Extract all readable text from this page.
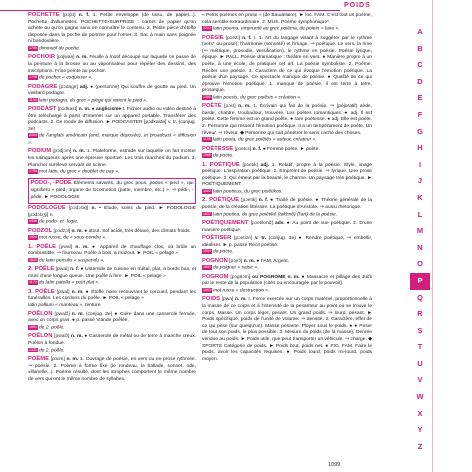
POIDS
POCHETTE [pɔʃɛt] n. f. 1. Petite enveloppe (de tissu, de papier...). Pochette d'allumettes. POCHETTE-SURPRISE : cornet de papier qu'on achète ou qu'on gagne sans en connaître le contenu. 2. Petite pièce d'étoffe disposée dans la poche de poitrine pour l'orner. 3. Sac à main sans poignée ni bandoulière.
1785 diminutif de poche.
POCHOIR [pɔʃwaʀ] n. m. Feuille à motif découpé sur laquelle on passe de la peinture à la brosse ou au vaporisateur pour répéter des dessins, des inscriptions. Frise peinte au pochoir.
1798 de pocher « esquisser ».
PODAGRE [pɔdagʀ] adj. ● (personne) Qui souffre de goutte au pied. Un vieillard podagre.
1190 latin podagra, du grec « piège qui retient le pied ».
PODCAST [pɔdkast] n. m. ● anglicisme t. Fichier audio ou vidéo destiné à être téléchargé à partir d'Internet sur un appareil portable. Transférer des podcasts. 2. Ce mode de diffusion. ► PODCASTER [pɔdkaste] v. tr. (conjug. 3e)
2004 de l'anglais américain (and, marque déposée), et broadcast « diffusion ».
PODIUM [pɔdjɔm] n. m. 1. Plateforme, estrade sur laquelle on fait monter les vainqueurs après une épreuve sportive. Les trois marches du podium. 2. Plancher surélevé servant de scène.
1756 mot latin, du grec « doublet de pay ».
PODO-, -PODE Éléments savants, du grec pous, podos « pied », qui signifient « pied, organe de locomotion (patte, membre, etc.) ». ⇒ pédi-, -pède. ► PODOLOGIE
PODOLOGUE [pɔdɔlɔg] n. • Étude, soins du pied. ► PODOLOGIE [pɔdɔlɔʒi] n.
1936 de podo- et -logie.
PODZOL [pɔdzɔl] n. m. ● atout. Sol acide, très délavé, des climats froids.
1924 mot russe, de « sous-cendre ».
1. POÊLE [pwal] n. m. ● Appareil de chauffage clos, où brûle un combustible. ⇒ fourneau. Poêle à bois, à mazout. ► POIL « pelage »
1640 du latin pensilis « suspendu ».
2. POÊLE [pwal] n. f. ● Ustensile de cuisine en métal, plat, à bords bas, et muni d'une longue queue. Une poêle à frire. ► POIL « pelage »
1170 du latin patella « petit plat ».
3. POÊLE [pwal] n. m. ● Étoffe noire recouvrant le cercueil, pendant les funérailles. Les cordons du poêle. ► POIL « pelage »
latin pallium « manteau », tenture.
POÊLON [pwalɔ̃] n. m. (conjug. 3e) ● Cuire dans une casserole fermée, avec un corps gras. ● p. passé Viande poêlée.
1691 de 2. poêle.
POÊLON [pwalɔ̃] n. m. ● Casserole de métal ou de terre à manche creux. Poêlon à fondue.
1332 de 2. poêle.
POÈME [pɔɛm] n. m. 1. Ouvrage de poésie, en vers ou en prose rythmée. ⇒ poésie. 2. Poème à forme fixe (le rondeau, la ballade, sonnet, ode, villanelle...). Poème résulté, dont les strophes comportent le même nombre de vers qui ont le même nombre de syllabes.
« Petits poèmes en prose » (de Baudelaire). ► loc. FAM. C'est tout un poème, cela semble extraordinaire. 2. MUS. Poème symphonique*.
1213 latin poema, emprunté au grec poiêma, de poiein « faire ».
POÉSIE [pɔezi] n. f. I. 1. Art du langage visant à suggérer par le rythme (vers* ou prose), l'harmonie (sonorité) et l'image. ⇒ poétique. Le vers, la rime (⇒ métrique, prosodie, versification), le rythme en poésie. Poésie lyrique, épique. ► PALL. Poésie dramatique : théâtre en vers. ● Manière propre à un poète, à une école, de pratiquer cet art. La poésie symboliste. 2. Poème. Réciter une poésie. 3. Caractère de ce qui évoque l'émotion poétique. La poésie d'un paysage. Ce spectacle manque de poésie. ● Qualité de ce qui éprouve l'émotion poétique. 1. manque de poésie, il est terre à terre, prosaïque.
1350 latin poesis, du grec poiêsis « création ».
POÈTE [pɔɛt] n. m. 1. Écrivain qui fait de la poésie. ⇒ (péjoratif) aède, barde, chantre, troubadour, trouvère. Les poètes romantiques. ● adj. Il est poète. Cette femme est un grand poète, ● rare poétesse. ● adj. Elle est poète. 2. Personne qui ressent l'émotion poétique. Il a un tempérament de poète. Un rêveur. ⇒ rêveur. ◆ Personne qui sait pénétrer le sens caché des choses.
1155 latin poeta, du grec poiêtês « auteur, créateur ».
POÉTESSE [pɔetɛs] n. f. ● Femme poète. ► poète.
1566 de poète.
1. POÉTIQUE [pɔetik] adj. 1. Relatif, propre à la poésie. Style, image poétique. L'inspiration poétique. 2. Empreint de poésie. ⇒ lyrique. Une prose poétique. 3. Qui émeut par la beauté, le charme. Un paysage très poétique. ► POÉTIQUEMENT
1402 latin poeticus, du grec poiêtikos.
2. POÉTIQUE [pɔetik] n. f. ● Traité de poésie. ● Théorie générale de la poésie, de la création littéraire. La poétique d'Aristote. ⇒ aussi rhétorique.
1637 latin poetica, du grec poiêtikê (tekhnê) (l'art) de la poésie.
POÉTIQUEMENT [pɔetikmɑ̃] adv. ● Au point de vue poétique. 2. D'une manière poétique.
POÉTISER [pɔetize] v. tr. (conjug. 3e) ● Rendre poétique, ⇒ embellir, idéaliser. ► p. passé Récit poétisé.
1554 de poète.
POGNON [pɔɲɔ̃] n. m. ● FAM. Argent.
1881 de poigner « saisir ».
POGROM [pɔgʀɔm] ou POGROME n. m. ● Massacre et pillage des Juifs par le reste de la population (cités ou encouragée par le pouvoir).
1903 mot russe « destruction ».
POIDS [pwa] n. m. I. Force exercée sur un corps matériel, proportionnelle à la masse de ce corps et à l'intensité de la pesanteur au point où se trouve le corps. Masse. Un corps léger, pesant. Un grand poids. ⇒ lourd, pesant. ► Poids spécifique, poids de l'unité de volume. ⇒ densité. 2. Caractère, effet de ce qui pèse (sur quelqu'un). Masse pesante. Ployer sous le poids. ● ● Peser de tout son poids, le plus possible. 3. Mesure du poids (de la masse). Denrée vendue au poids. ► Poids utile, que peut transporter un véhicule. ⇒ charge. ◆ SPORTS Catégorie de poids. ► Poids brut, poids net. ● FIG. FAM. Faire le poids, avoir les capacités requises. ● Poids lourd, poids mi-lourd, poids moyen.
A
B
C
D
E
F
G
H
I
J
K
L
M
N
O
P
Q
R
S
T
U
V
W
X
Y
Z
1099
